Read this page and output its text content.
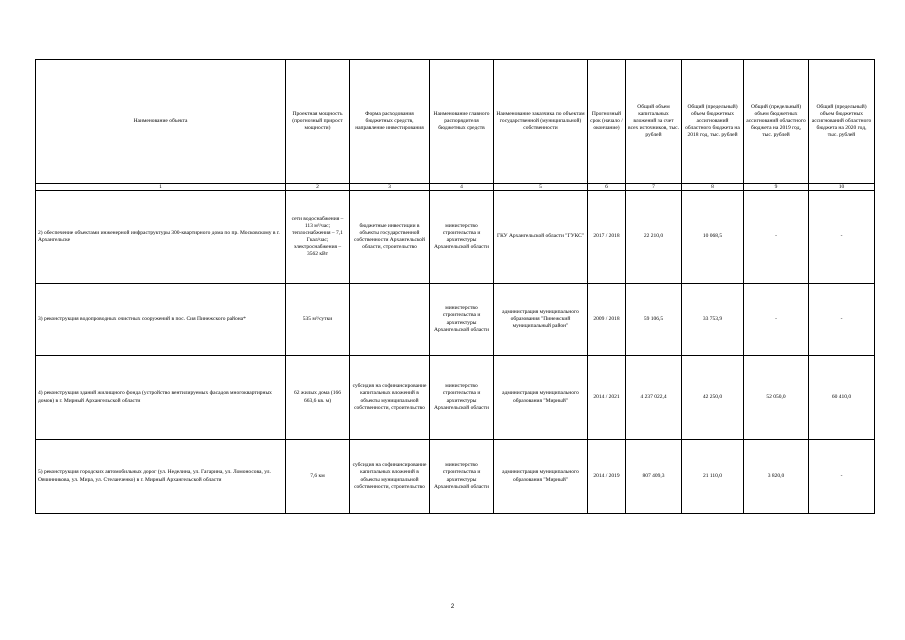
Наименование объекта	Проектная мощность (прогнозный прирост мощности)	Форма расходования бюджетных средств, направление инвестирования	Наименование главного распорядителя бюджетных средств	Наименование заказчика по объектам государственной (муниципальной) собственности	Прогнозный срок (начало / окончание)	Общий объем капитальных вложений за счет всех источников, тыс. рублей	Общий (предельный) объем бюджетных ассигнований областного бюджета на 2018 год, тыс. рублей	Общий (предельный) объем бюджетных ассигнований областного бюджета на 2019 год, тыс. рублей	Общий (предельный) объем бюджетных ассигнований областного бюджета на 2020 год, тыс. рублей
1	2	3	4	5	6	7	8	9	10
2) обеспечение объектами инженерной инфраструктуры 300-квартирного дома по пр. Московскому в г. Архангельске	сети водоснабжения – 113 м³/час; теплоснабжения – 7,1 Гкал/час; электроснабжения – 3562 кВт	бюджетные инвестиции в объекты государственной собственности Архангельской области, строительство	министерство строительства и архитектуры Архангельской области	ГКУ Архангельской области "ГУКС"	2017 / 2018	22 210,0	10 068,5	-	-
3) реконструкция водопроводных очистных сооружений в пос. Сия Пинежского района*	535 м³/сутки		министерство строительства и архитектуры Архангельской области	администрация муниципального образования "Пинежский муниципальный район"	2009 / 2018	59 106,5	33 753,9	-	-
4) реконструкция зданий жилищного фонда (устройство вентилируемых фасадов многоквартирных домов) в г. Мирный Архангельской области	62 жилых дома (166 663,6 кв. м)	субсидия на софинансирование капитальных вложений в объекты муниципальной собственности, строительство	министерство строительства и архитектуры Архангельской области	администрация муниципального образования "Мирный"	2014 / 2021	4 237 022,4	42 250,0	52 050,0	60 410,0
5) реконструкция городских автомобильных дорог (ул. Неделина, ул. Гагарина, ул. Ломоносова, ул. Овчинникова, ул. Мира, ул. Стеланченко) в г. Мирный Архангельской области	7,6 км	субсидия на софинансирование капитальных вложений в объекты муниципальной собственности, строительство	министерство строительства и архитектуры Архангельской области	администрация муниципального образования "Мирный"	2014 / 2019	807 409,3	21 110,0	3 820,0	-
2
